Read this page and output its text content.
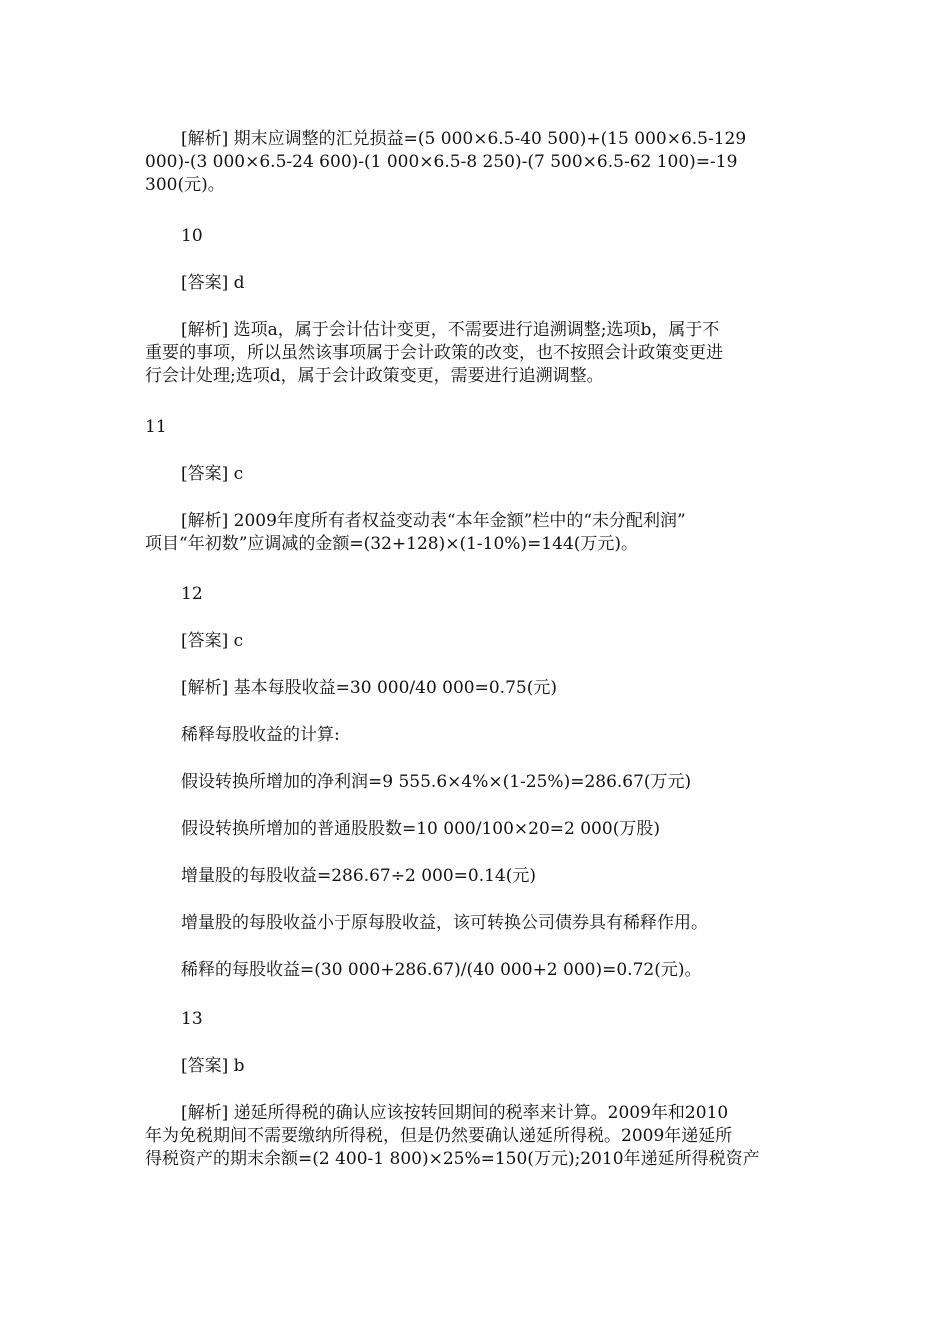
[解析] 期末应调整的汇兑损益=(5 000×6.5-40 500)+(15 000×6.5-129

000)-(3 000×6.5-24 600)-(1 000×6.5-8 250)-(7 500×6.5-62 100)=-19

300(元)。

10

[答案] d

[解析] 选项a，属于会计估计变更，不需要进行追溯调整;选项b，属于不

重要的事项，所以虽然该事项属于会计政策的改变，也不按照会计政策变更进

行会计处理;选项d，属于会计政策变更，需要进行追溯调整。

11

[答案] c

[解析] 2009年度所有者权益变动表“本年金额”栏中的“未分配利润”

项目“年初数”应调减的金额=(32+128)×(1-10%)=144(万元)。

12

[答案] c

[解析] 基本每股收益=30 000/40 000=0.75(元)

稀释每股收益的计算:

假设转换所增加的净利润=9 555.6×4%×(1-25%)=286.67(万元)

假设转换所增加的普通股股数=10 000/100×20=2 000(万股)

增量股的每股收益=286.67÷2 000=0.14(元)

增量股的每股收益小于原每股收益，该可转换公司债券具有稀释作用。

稀释的每股收益=(30 000+286.67)/(40 000+2 000)=0.72(元)。

13

[答案] b

[解析] 递延所得税的确认应该按转回期间的税率来计算。2009年和2010

年为免税期间不需要缴纳所得税，但是仍然要确认递延所得税。2009年递延所

得税资产的期末余额=(2 400-1 800)×25%=150(万元);2010年递延所得税资产
